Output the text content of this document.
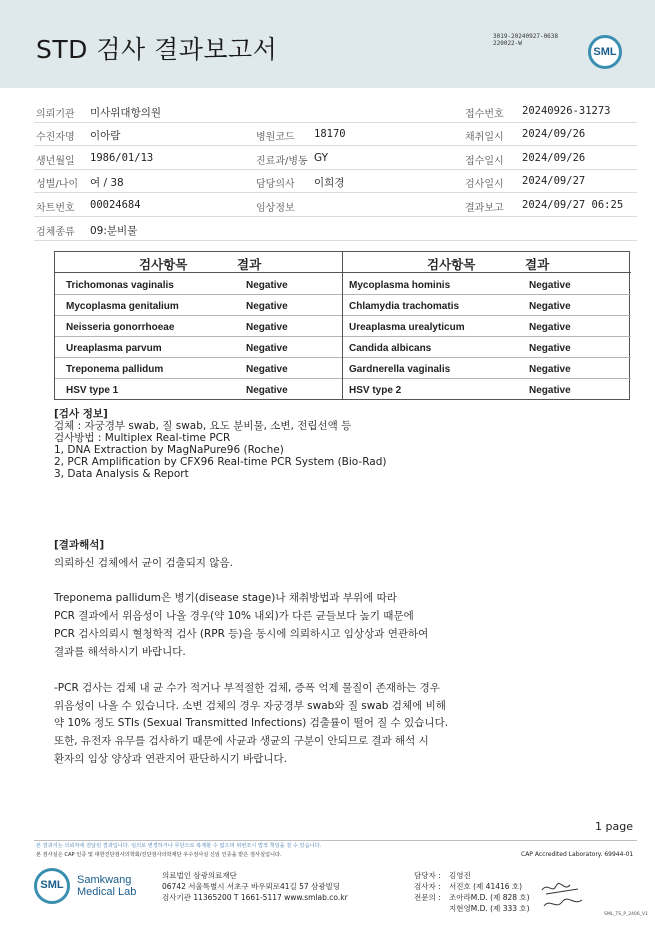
STD 검사 결과보고서	3019-20240927-0638
220022-W
SML
의뢰기관 미사위대항의원	접수번호 20240926-31273
수진자명 이아람	병원코드 18170	채취일시 2024/09/26
생년월일 1986/01/13	진료과/병동 GY	접수일시 2024/09/26
성별/나이 여 / 38	담당의사 이희경	검사일시 2024/09/27
차트번호 00024684	임상정보	결과보고 2024/09/27 06:25
검체종류 09:분비물
검사항목	결과
Trichomonas vaginalis	Negative
Mycoplasma genitalium	Negative
Neisseria gonorrhoeae	Negative
Ureaplasma parvum	Negative
Treponema pallidum	Negative
HSV type 1	Negative
검사항목	결과
Mycoplasma hominis	Negative
Chlamydia trachomatis	Negative
Ureaplasma urealyticum	Negative
Candida albicans	Negative
Gardnerella vaginalis	Negative
HSV type 2	Negative
[검사 정보]
검체 : 자궁경부 swab, 질 swab, 요도 분비물, 소변, 전립선액 등
검사방법 : Multiplex Real-time PCR
1, DNA Extraction by MagNaPure96 (Roche)
2, PCR Amplification by CFX96 Real-time PCR System (Bio-Rad)
3, Data Analysis & Report
[결과해석]
의뢰하신 검체에서 균이 검출되지 않음.
Treponema pallidum은 병기(disease stage)나 채취방법과 부위에 따라
PCR 결과에서 위음성이 나올 경우(약 10% 내외)가 다른 균들보다 높기 때문에
PCR 검사의뢰시 혈청학적 검사 (RPR 등)을 동시에 의뢰하시고 임상상과 연관하여
결과를 해석하시기 바랍니다.
-PCR 검사는 검체 내 균 수가 적거나 부적절한 검체, 증폭 억제 물질이 존재하는 경우
위음성이 나올 수 있습니다. 소변 검체의 경우 자궁경부 swab와 질 swab 검체에 비해
약 10% 정도 STIs (Sexual Transmitted Infections) 검출률이 떨어 질 수 있습니다.
또한, 유전자 유무를 검사하기 때문에 사균과 생균의 구분이 안되므로 결과 해석 시
환자의 임상 양상과 연관지어 판단하시기 바랍니다.
1 page
본 결과지는 의뢰처에 전달된 결과입니다. 임의로 변경하거나 무단으로 복제할 수 없으며 위변조시 법적 책임을 질 수 있습니다.
본 검사실은 CAP 인증 및 대한진단검사의학회/진단검사의학재단 우수검사실 신임 인증을 받은 검사실입니다.	CAP Accredited Laboratory. 69944-01
SML	Samkwang
Medical Lab
의료법인 삼광의료재단
06742 서울특별시 서초구 바우뫼로41길 57 삼광빌딩
검사기관 11365200 T 1661-5117 www.smlab.co.kr
담당자 :	김영진
검사자 :	서진호 (제 41416 호)
전문의 :	조아라M.D. (제 828 호)
지현영M.D. (제 333 호)
SML_TS_P_2406_V1
